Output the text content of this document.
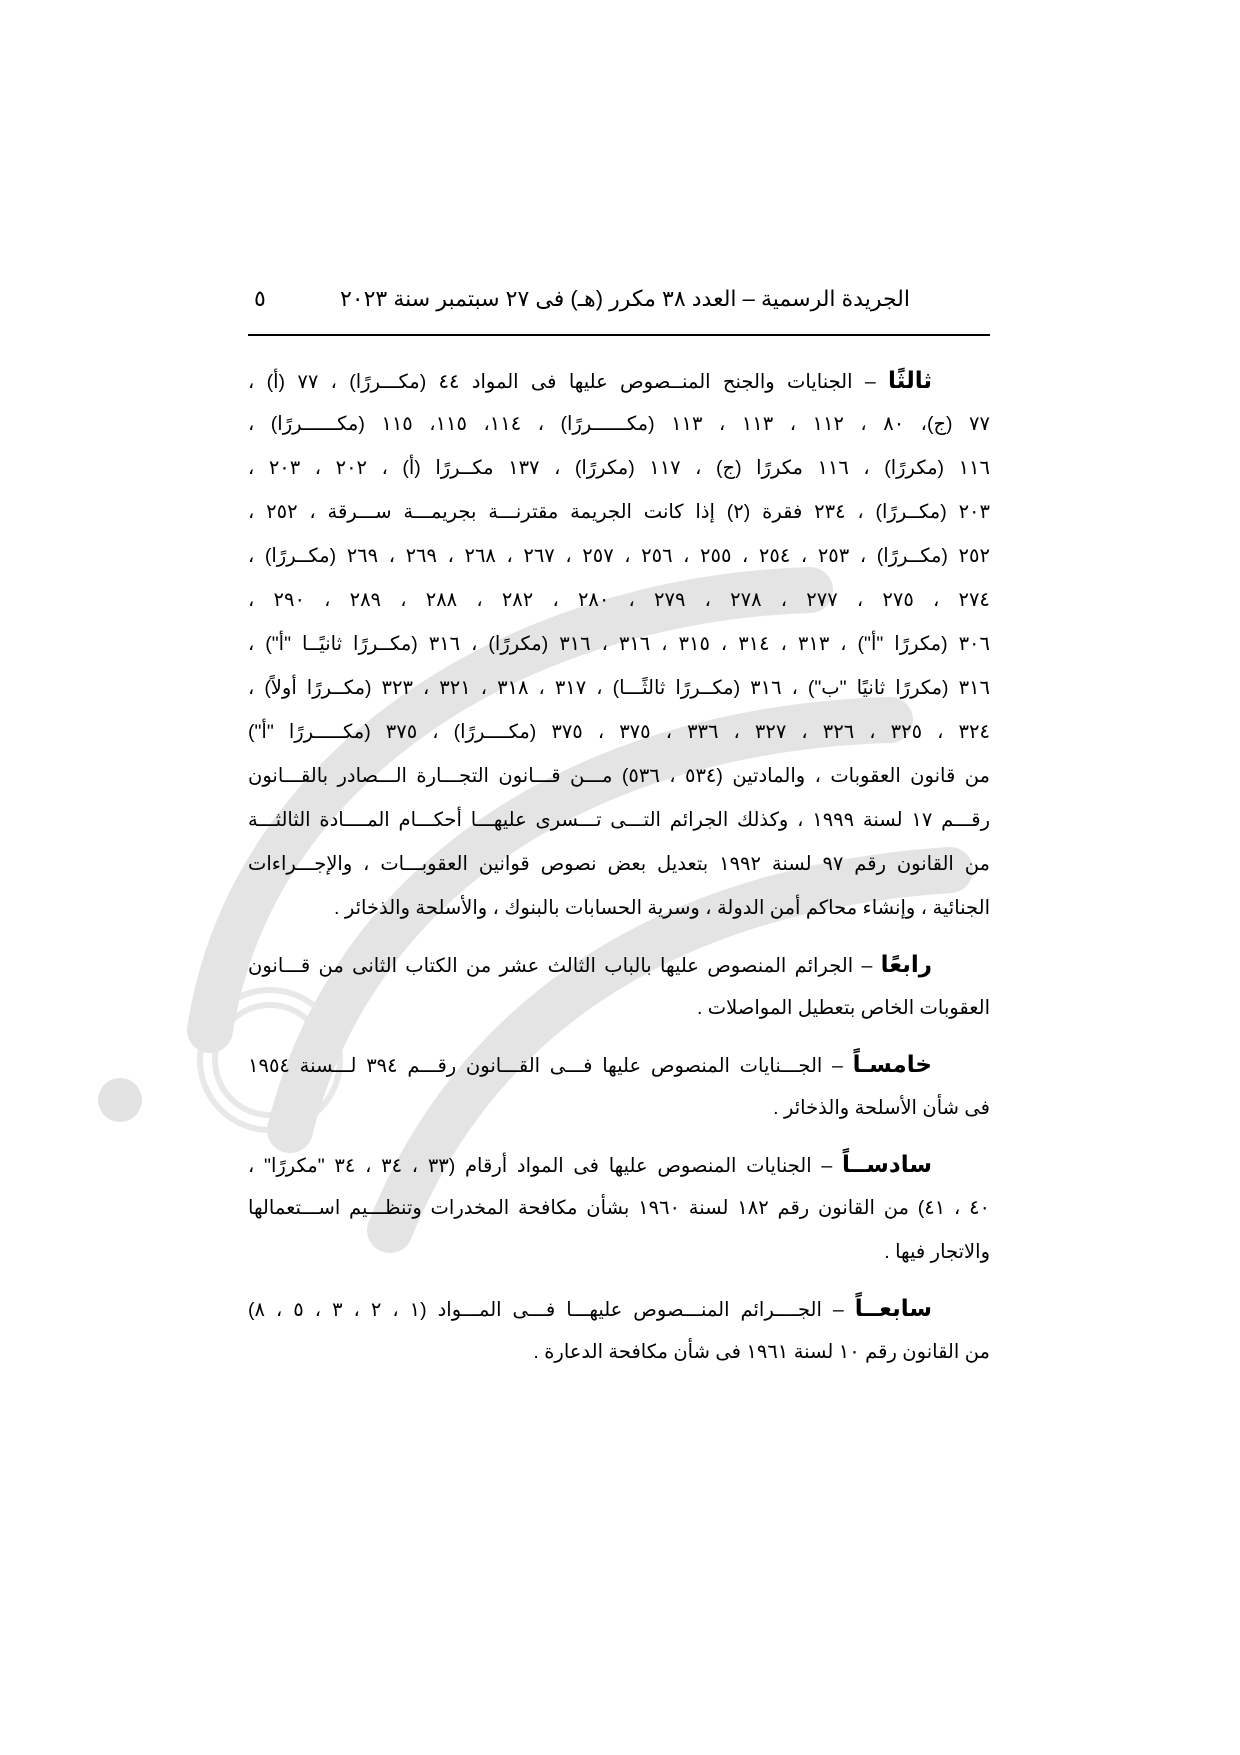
الجريدة الرسمية – العدد ٣٨ مكرر (هـ) فى ٢٧ سبتمبر سنة ٢٠٢٣
٥
ثالثًا – الجنايات والجنح المنــصوص عليها فى المواد ٤٤ (مكـــررًا) ، ٧٧ (أ) ،
٧٧ (ج)، ٨٠ ، ١١٢ ، ١١٣ ، ١١٣ (مكــــــررًا) ، ١١٤، ١١٥، ١١٥ (مكــــــررًا) ،
١١٦ (مكررًا) ، ١١٦ مكررًا (ج) ، ١١٧ (مكررًا) ، ١٣٧ مكــررًا (أ) ، ٢٠٢ ، ٢٠٣ ،
٢٠٣ (مكــررًا) ، ٢٣٤ فقرة (٢) إذا كانت الجريمة مقترنـــة بجريمـــة ســـرقة ، ٢٥٢ ،
٢٥٢ (مكــررًا) ، ٢٥٣ ، ٢٥٤ ، ٢٥٥ ، ٢٥٦ ، ٢٥٧ ، ٢٦٧ ، ٢٦٨ ، ٢٦٩ ، ٢٦٩ (مكــررًا) ،
٢٧٤ ، ٢٧٥ ، ٢٧٧ ، ٢٧٨ ، ٢٧٩ ، ٢٨٠ ، ٢٨٢ ، ٢٨٨ ، ٢٨٩ ، ٢٩٠ ،
٣٠٦ (مكررًا "أ") ، ٣١٣ ، ٣١٤ ، ٣١٥ ، ٣١٦ ، ٣١٦ (مكررًا) ، ٣١٦ (مكــررًا ثانيًــا "أ") ،
٣١٦ (مكررًا ثانيًا "ب") ، ٣١٦ (مكــررًا ثالثًـــا) ، ٣١٧ ، ٣١٨ ، ٣٢١ ، ٣٢٣ (مكــررًا أولاً) ،
٣٢٤ ، ٣٢٥ ، ٣٢٦ ، ٣٢٧ ، ٣٣٦ ، ٣٧٥ ، ٣٧٥ (مكــــررًا) ، ٣٧٥ (مكـــــررًا "أ")
من قانون العقوبات ، والمادتين (٥٣٤ ، ٥٣٦) مـــن قـــانون التجـــارة الـــصادر بالقـــانون
رقـــم ١٧ لسنة ١٩٩٩ ، وكذلك الجرائم التـــى تـــسرى عليهـــا أحكـــام المــــادة الثالثـــة
من القانون رقم ٩٧ لسنة ١٩٩٢ بتعديل بعض نصوص قوانين العقوبـــات ، والإجـــراءات
الجنائية ، وإنشاء محاكم أمن الدولة ، وسرية الحسابات بالبنوك ، والأسلحة والذخائر .
رابعًا – الجرائم المنصوص عليها بالباب الثالث عشر من الكتاب الثانى من قـــانون
العقوبات الخاص بتعطيل المواصلات .
خامسـاً – الجـــنايات المنصوص عليها فـــى القـــانون رقـــم ٣٩٤ لـــسنة ١٩٥٤
فى شأن الأسلحة والذخائر .
سادســاً – الجنايات المنصوص عليها فى المواد أرقام (٣٣ ، ٣٤ ، ٣٤ "مكررًا" ،
٤٠ ، ٤١) من القانون رقم ١٨٢ لسنة ١٩٦٠ بشأن مكافحة المخدرات وتنظـــيم اســـتعمالها
والاتجار فيها .
سابعــاً – الجــــرائم المنـــصوص عليهـــا فـــى المـــواد (١ ، ٢ ، ٣ ، ٥ ، ٨)
من القانون رقم ١٠ لسنة ١٩٦١ فى شأن مكافحة الدعارة .
